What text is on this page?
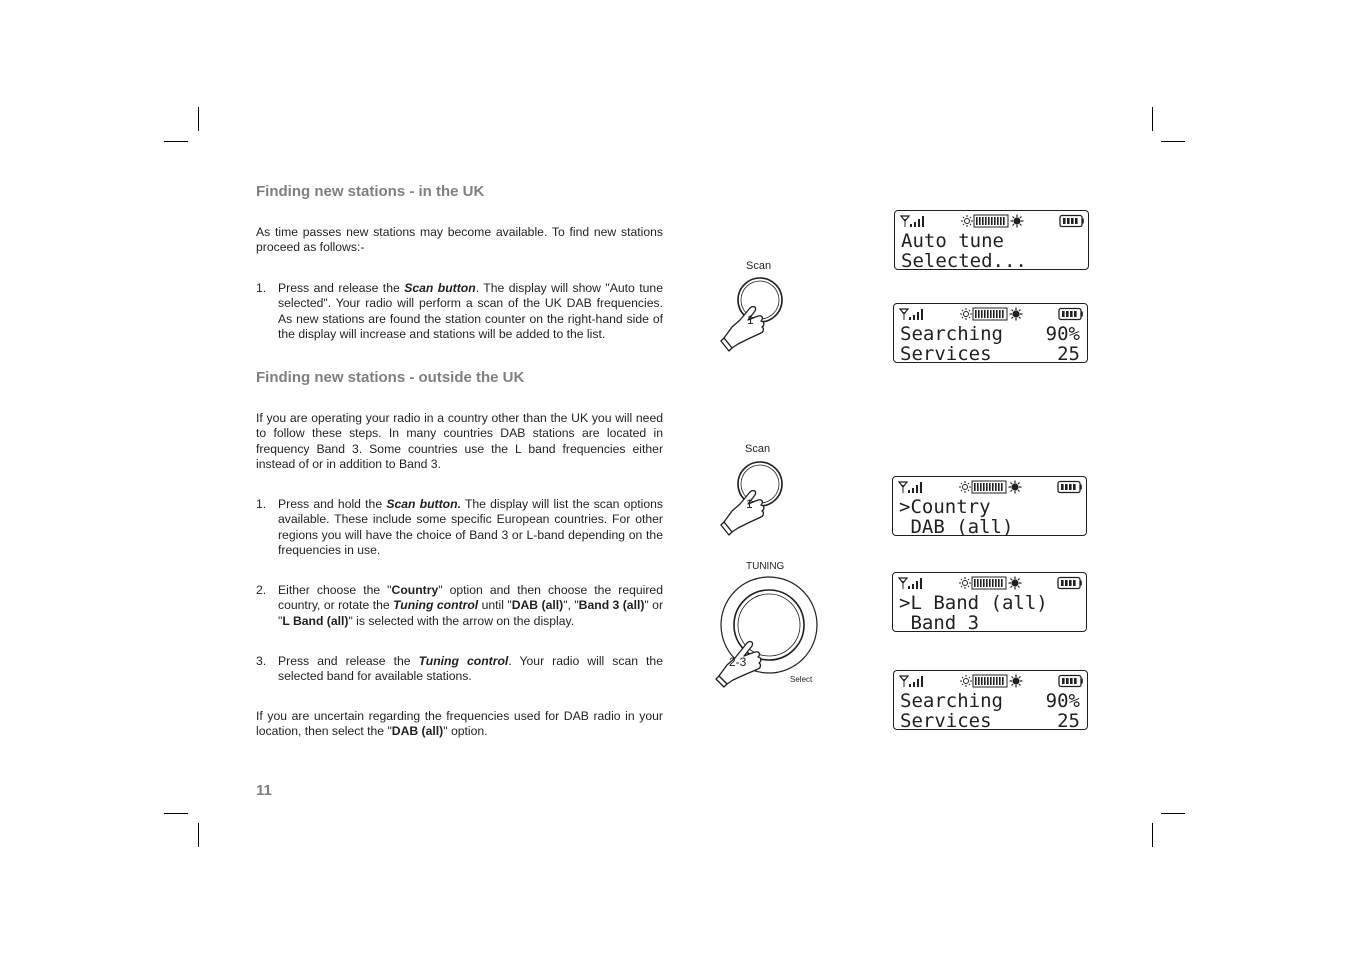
Finding new stations - in the UK

As time passes new stations may become available. To find new stations proceed as follows:-

1. Press and release the Scan button. The display will show "Auto tune selected". Your radio will perform a scan of the UK DAB frequencies. As new stations are found the station counter on the right-hand side of the display will increase and stations will be added to the list.
Finding new stations - outside the UK

If you are operating your radio in a country other than the UK you will need to follow these steps. In many countries DAB stations are located in frequency Band 3. Some countries use the L band frequencies either instead of or in addition to Band 3.

1. Press and hold the Scan button. The display will list the scan options available. These include some specific European countries. For other regions you will have the choice of Band 3 or L-band depending on the frequencies in use.
2. Either choose the "Country" option and then choose the required country, or rotate the Tuning control until "DAB (all)", "Band 3 (all)" or "L Band (all)" is selected with the arrow on the display.
3. Press and release the Tuning control. Your radio will scan the selected band for available stations.

If you are uncertain regarding the frequencies used for DAB radio in your location, then select the "DAB (all)" option.

11
Scan
1
Scan
1
TUNING
2-3
Select
Auto tune
Selected...
Searching 90%
Services	25
>Country
DAB (all)
>L Band (all)
Band 3
Searching 90%
Services	25
